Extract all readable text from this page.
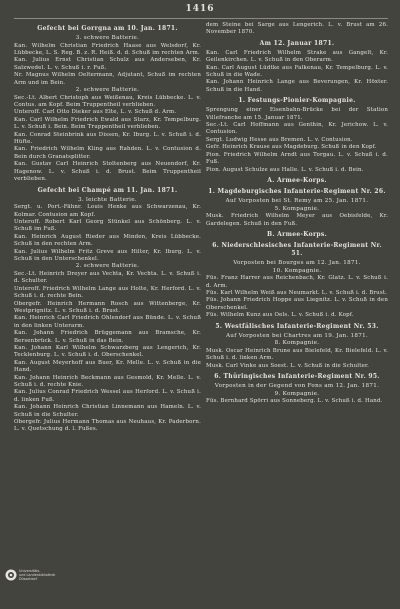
1416
Gefecht bei Gorrgna am 10. Jan. 1871.
3. schwere Batterie.
Kan. Wilhelm Christian Friedrich Haase aus Welsdorf, Kr. Lübbecke, L. S. Reg. B. z. R. Heiß. d. d. Schuß im rechten Arm.
Kan. Julius Ernst Christian Schulz aus Anderseben, Kr. Salzwedel. L. v. Schuß i. r. Fuß.
Nr. Magnus Wilhelm Oeltermann, Adjutant, Schuß im rechten Arm und im Bein.
2. schwere Batterie.
Sec.-Lt. Albert Christoph aus Weißenau, Kreis Lübbecke. L. v. Contus. am Kopf. Beim Truppentheil verblieben.
Unteroff. Carl Otto Dieker aus Elte, L. v. Schuß d. Arm.
Kan. Carl Wilhelm Friedrich Ewald aus Starz, Kr. Tempelburg. L. v. Schuß i. Bein. Beim Truppentheil verblieben.
Kan. Conrad Steinbrink aus Dissen, Kr. Iburg. L. v. Schuß i. d. Hüfte.
Kan. Friedrich Wilhelm Kling aus Rahden. L. v. Contusion d. Bein durch Granatsplitter.
Kan. Gustav Carl Heinrich Stoltenberg aus Neuendorf, Kr. Hagenow. L. v. Schuß i. d. Brust. Beim Truppentheil verblieben.
Gefecht bei Champé am 11. Jan. 1871.
3. leichte Batterie.
Sergt. u. Port.-Fähnr. Louis Henke aus Schwarzenau, Kr. Kolmar. Contusion am Kopf.
Unteroff. Robert Karl Georg Stünkel aus Schönberg. L. v. Schuß im Fuß.
Kan. Heinrich August Rieder aus Minden, Kreis Lübbecke. Schuß in den rechten Arm.
Kan. Julius Wilhelm Fritz Greve aus Hilter, Kr. Iburg. L. v. Schuß in den Unterschenkel.
2. schwere Batterie.
Sec.-Lt. Heinrich Dreyer aus Vechta, Kr. Vechta. L. v. Schuß i. d. Schulter.
Unteroff. Friedrich Wilhelm Lange aus Holte, Kr. Herford. L. v. Schuß i. d. rechte Bein.
Obergefr. Heinrich Hermann Rosch aus Wittenberge, Kr. Westprignitz. L. v. Schuß i. d. Brust.
Kan. Heinrich Carl Friedrich Ohlendorf aus Bünde. L. v. Schuß in den linken Unterarm.
Kan. Johann Friedrich Brüggemann aus Bramsche, Kr. Bersenbrück. L. v. Schuß in das Bein.
Kan. Johann Karl Wilhelm Schwarzberg aus Lengerich, Kr. Tecklenburg. L. v. Schuß i. d. Oberschenkel.
Kan. August Meyerhoff aus Buer, Kr. Melle. L. v. Schuß in die Hand.
Kan. Johann Heinrich Beckmann aus Gesmold, Kr. Melle. L. v. Schuß i. d. rechte Knie.
Kan. Julius Conrad Friedrich Wessel aus Herford. L. v. Schuß i. d. linken Fuß.
Kan. Johann Heinrich Christian Linnemann aus Hameln. L. v. Schuß in die Schulter.
Obergefr. Julius Hermann Thomas aus Neuhaus, Kr. Paderborn. L. v. Quetschung d. l. Fußes.
dem Steine bei Sarge aus Lengerich. L. v. Brust am 26. November 1870.
Am 12. Januar 1871.
Kan. Carl Friedrich Wilhelm Strake aus Gangelt, Kr. Geilenkirchen. L. v. Schuß in den Oberarm.
Kan. Carl August Lüdtke aus Falkenau, Kr. Tempelburg. L. v. Schuß in die Wade.
Kan. Johann Heinrich Lange aus Beverungen, Kr. Höxter. Schuß in die Hand.
1. Festungs-Pionier-Kompagnie.
Sprengung einer Eisenbahn-Brücke bei der Station Villefranche am 15. Januar 1871.
Sec.-Lt. Carl Hoffmann aus Genthin, Kr. Jerichow. L. v. Contusion.
Sergt. Ludwig Hesse aus Bremen. L. v. Contusion.
Gefr. Heinrich Krause aus Magdeburg. Schuß in den Kopf.
Pion. Friedrich Wilhelm Arndt aus Torgau. L. v. Schuß i. d. Fuß.
Pion. August Schulze aus Halle. L. v. Schuß i. d. Bein.
A. Armee-Korps.
1. Magdeburgisches Infanterie-Regiment Nr. 26.
Auf Vorposten bei St. Remy am 25. Jan. 1871.
5. Kompagnie.
Musk. Friedrich Wilhelm Meyer aus Oebisfelde, Kr. Gardelegen. Schuß in den Fuß.
B. Armee-Korps.
6. Niederschlesisches Infanterie-Regiment Nr. 51.
Vorposten bei Bourges am 12. Jan. 1871.
10. Kompagnie.
Füs. Franz Harrer aus Reichenbach, Kr. Glatz. L. v. Schuß i. d. Arm.
Füs. Karl Wilhelm Weiß aus Neumarkt. L. v. Schuß i. d. Brust.
Füs. Johann Friedrich Hoppe aus Liegnitz. L. v. Schuß in den Oberschenkel.
Füs. Wilhelm Kunz aus Oels. L. v. Schuß i. d. Kopf.
5. Westfälisches Infanterie-Regiment Nr. 53.
Auf Vorposten bei Chartres am 19. Jan. 1871.
8. Kompagnie.
Musk. Oscar Heinrich Brune aus Bielefeld, Kr. Bielefeld. L. v. Schuß i. d. linken Arm.
Musk. Carl Vinke aus Soest. L. v. Schuß in die Schulter.
6. Thüringisches Infanterie-Regiment Nr. 95.
Vorposten in der Gegend von Fons am 12. Jan. 1871.
9. Kompagnie.
Füs. Bernhard Spörri aus Sonneberg. L. v. Schuß i. d. Hand.
Universitäts-
und Landesbibliothek
Düsseldorf
